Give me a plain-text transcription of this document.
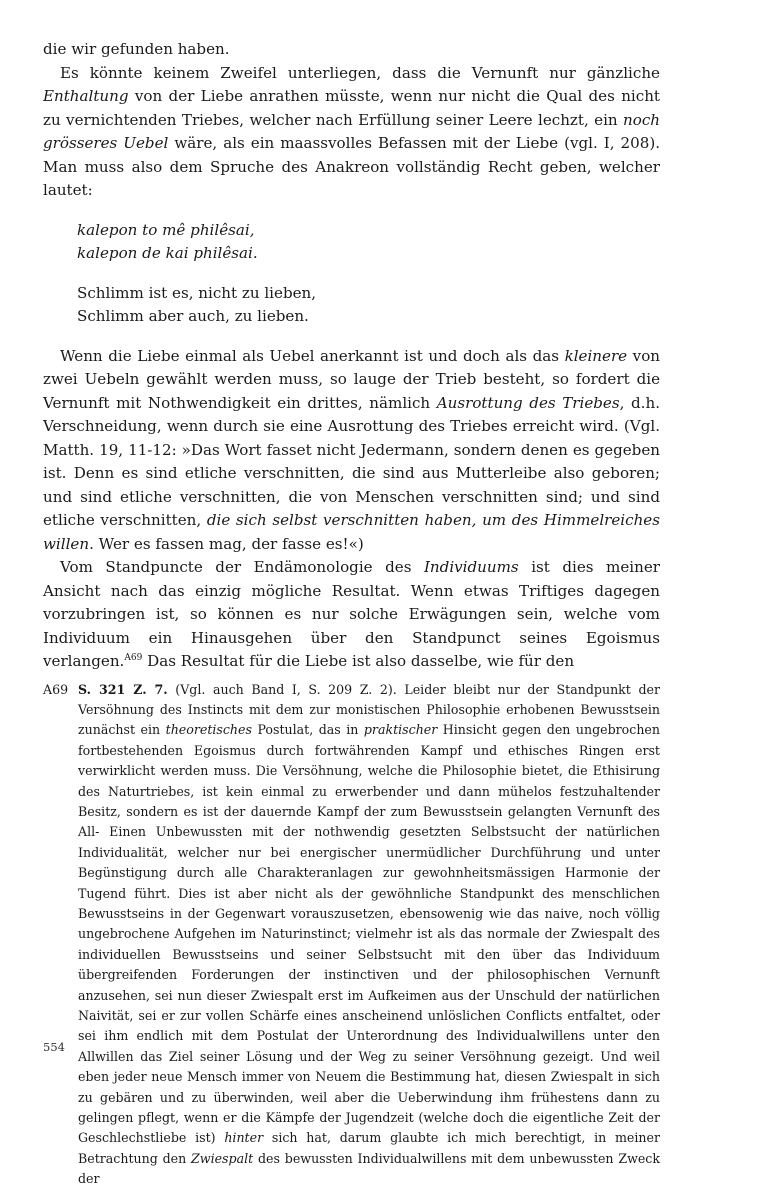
die wir gefunden haben.

Es könnte keinem Zweifel unterliegen, dass die Vernunft nur gänzliche Enthaltung von der Liebe anrathen müsste, wenn nur nicht die Qual des nicht zu vernichtenden Triebes, welcher nach Erfüllung seiner Leere lechzt, ein noch grösseres Uebel wäre, als ein maassvolles Befassen mit der Liebe (vgl. I, 208). Man muss also dem Spruche des Anakreon vollständig Recht geben, welcher lautet:

kalepon to mê philêsai,
kalepon de kai philêsai.
Schlimm ist es, nicht zu lieben,
Schlimm aber auch, zu lieben.

Wenn die Liebe einmal als Uebel anerkannt ist und doch als das kleinere von zwei Uebeln gewählt werden muss, so lauge der Trieb besteht, so fordert die Vernunft mit Nothwendigkeit ein drittes, nämlich Ausrottung des Triebes, d.h. Verschneidung, wenn durch sie eine Ausrottung des Triebes erreicht wird. (Vgl. Matth. 19, 11-12: »Das Wort fasset nicht Jedermann, sondern denen es gegeben ist. Denn es sind etliche verschnitten, die sind aus Mutterleibe also geboren; und sind etliche verschnitten, die von Menschen verschnitten sind; und sind etliche verschnitten, die sich selbst verschnitten haben, um des Himmelreiches willen. Wer es fassen mag, der fasse es!«)

Vom Standpuncte der Endämonologie des Individuums ist dies meiner Ansicht nach das einzig mögliche Resultat. Wenn etwas Triftiges dagegen vorzubringen ist, so können es nur solche Erwägungen sein, welche vom Individuum ein Hinausgehen über den Standpunct seines Egoismus verlangen.$^{A69}$ Das Resultat für die Liebe ist also dasselbe, wie für den

A69 S. 321 Z. 7. (Vgl. auch Band I, S. 209 Z. 2). Leider bleibt nur der Standpunkt der Versöhnung des Instincts mit dem zur monistischen Philosophie erhobenen Bewusstsein zunächst ein theoretisches Postulat, das in praktischer Hinsicht gegen den ungebrochen fortbestehenden Egoismus durch fortwährenden Kampf und ethisches Ringen erst verwirklicht werden muss. Die Versöhnung, welche die Philosophie bietet, die Ethisirung des Naturtriebes, ist kein einmal zu erwerbender und dann mühelos festzuhaltender Besitz, sondern es ist der dauernde Kampf der zum Bewusstsein gelangten Vernunft des All- Einen Unbewussten mit der nothwendig gesetzten Selbstsucht der natürlichen Individualität, welcher nur bei energischer unermüdlicher Durchführung und unter Begünstigung durch alle Charakteranlagen zur gewohnheitsmässigen Harmonie der Tugend führt. Dies ist aber nicht als der gewöhnliche Standpunkt des menschlichen Bewusstseins in der Gegenwart vorauszusetzen, ebensowenig wie das naive, noch völlig ungebrochene Aufgehen im Naturinstinct; vielmehr ist als das normale der Zwiespalt des individuellen Bewusstseins und seiner Selbstsucht mit den über das Individuum übergreifenden Forderungen der instinctiven und der philosophischen Vernunft anzusehen, sei nun dieser Zwiespalt erst im Aufkeimen aus der Unschuld der natürlichen Naivität, sei er zur vollen Schärfe eines anscheinend unlöslichen Conflicts entfaltet, oder sei ihm endlich mit dem Postulat der Unterordnung des Individualwillens unter den Allwillen das Ziel seiner Lösung und der Weg zu seiner Versöhnung gezeigt. Und weil eben jeder neue Mensch immer von Neuem die Bestimmung hat, diesen Zwiespalt in sich zu gebären und zu überwinden, weil aber die Ueberwindung ihm frühestens dann zu gelingen pflegt, wenn er die Kämpfe der Jugendzeit (welche doch die eigentliche Zeit der Geschlechstliebe ist) hinter sich hat, darum glaubte ich mich berechtigt, in meiner Betrachtung den Zwiespalt des bewussten Individualwillens mit dem unbewussten Zweck der
554
